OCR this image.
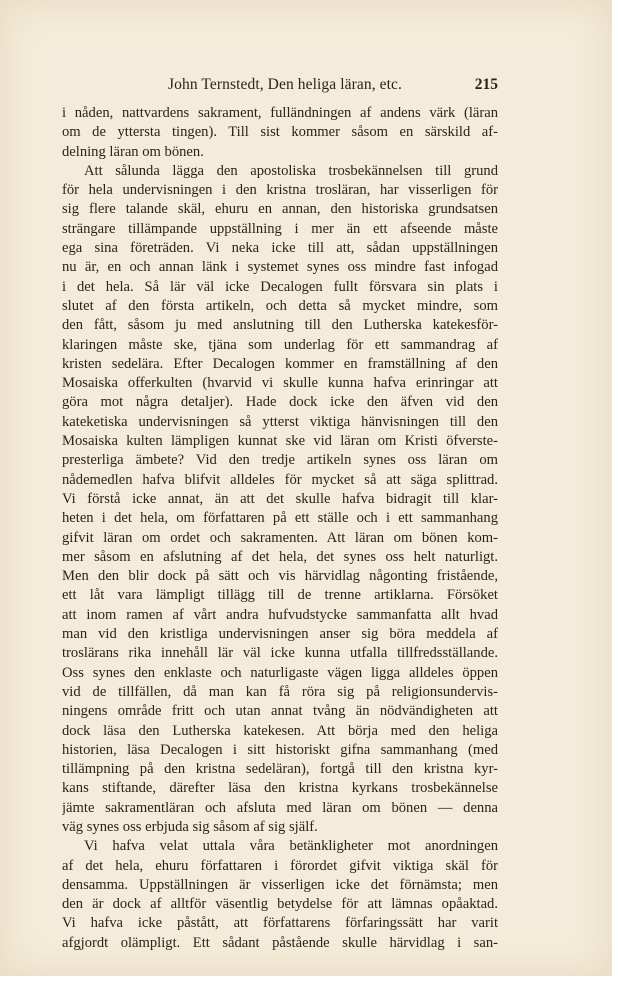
John Ternstedt, Den heliga läran, etc.	215
i nåden, nattvardens sakrament, fulländningen af andens värk (läran
om de yttersta tingen). Till sist kommer såsom en särskild af-
delning läran om bönen.
Att sålunda lägga den apostoliska trosbekännelsen till grund
för hela undervisningen i den kristna trosläran, har visserligen för
sig flere talande skäl, ehuru en annan, den historiska grundsatsen
strängare tillämpande uppställning i mer än ett afseende måste
ega sina företräden. Vi neka icke till att, sådan uppställningen
nu är, en och annan länk i systemet synes oss mindre fast infogad
i det hela. Så lär väl icke Decalogen fullt försvara sin plats i
slutet af den första artikeln, och detta så mycket mindre, som
den fått, såsom ju med anslutning till den Lutherska katekesför-
klaringen måste ske, tjäna som underlag för ett sammandrag af
kristen sedelära. Efter Decalogen kommer en framställning af den
Mosaiska offerkulten (hvarvid vi skulle kunna hafva erinringar att
göra mot några detaljer). Hade dock icke den äfven vid den
kateketiska undervisningen så ytterst viktiga hänvisningen till den
Mosaiska kulten lämpligen kunnat ske vid läran om Kristi öfverste-
presterliga ämbete? Vid den tredje artikeln synes oss läran om
nådemedlen hafva blifvit alldeles för mycket så att säga splittrad.
Vi förstå icke annat, än att det skulle hafva bidragit till klar-
heten i det hela, om författaren på ett ställe och i ett sammanhang
gifvit läran om ordet och sakramenten. Att läran om bönen kom-
mer såsom en afslutning af det hela, det synes oss helt naturligt.
Men den blir dock på sätt och vis härvidlag någonting fristående,
ett låt vara lämpligt tillägg till de trenne artiklarna. Försöket
att inom ramen af vårt andra hufvudstycke sammanfatta allt hvad
man vid den kristliga undervisningen anser sig böra meddela af
troslärans rika innehåll lär väl icke kunna utfalla tillfredsställande.
Oss synes den enklaste och naturligaste vägen ligga alldeles öppen
vid de tillfällen, då man kan få röra sig på religionsundervis-
ningens område fritt och utan annat tvång än nödvändigheten att
dock läsa den Lutherska katekesen. Att börja med den heliga
historien, läsa Decalogen i sitt historiskt gifna sammanhang (med
tillämpning på den kristna sedeläran), fortgå till den kristna kyr-
kans stiftande, därefter läsa den kristna kyrkans trosbekännelse
jämte sakramentläran och afsluta med läran om bönen — denna
väg synes oss erbjuda sig såsom af sig själf.
Vi hafva velat uttala våra betänkligheter mot anordningen
af det hela, ehuru författaren i förordet gifvit viktiga skäl för
densamma. Uppställningen är visserligen icke det förnämsta; men
den är dock af alltför väsentlig betydelse för att lämnas opåaktad.
Vi hafva icke påstått, att författarens förfaringssätt har varit
afgjordt olämpligt. Ett sådant påstående skulle härvidlag i san-
